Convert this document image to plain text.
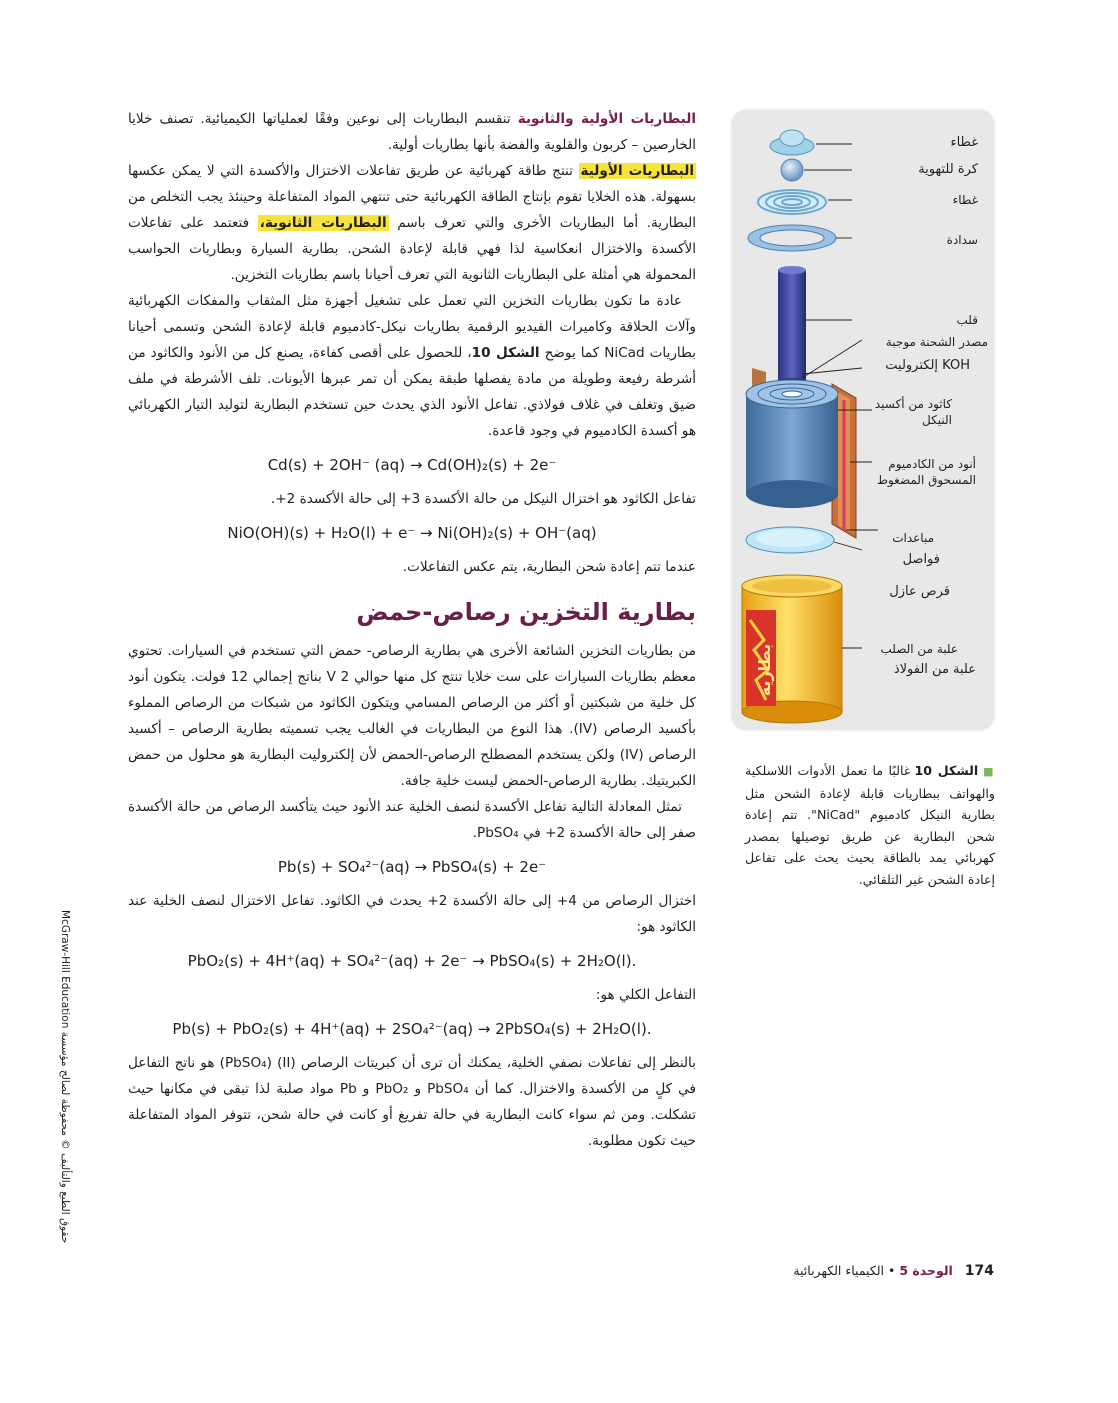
البطاريات الأولية والثانوية تنقسم البطاريات إلى نوعين وفقًا لعملياتها الكيميائية. تصنف خلايا الخارصين – كربون والقلوية والفضة بأنها بطاريات أولية.

البطاريات الأولية تنتج طاقة كهربائية عن طريق تفاعلات الاختزال والأكسدة التي لا يمكن عكسها بسهولة. هذه الخلايا تقوم بإنتاج الطاقة الكهربائية حتى تنتهي المواد المتفاعلة وحينئذ يجب التخلص من البطارية. أما البطاريات الأخرى والتي تعرف باسم البطاريات الثانوية، فتعتمد على تفاعلات الأكسدة والاختزال انعكاسية لذا فهي قابلة لإعادة الشحن. بطارية السيارة وبطاريات الحواسب المحمولة هي أمثلة على البطاريات الثانوية التي تعرف أحيانا باسم بطاريات التخزين.

عادة ما تكون بطاريات التخزين التي تعمل على تشغيل أجهزة مثل المثقاب والمفكات الكهربائية وآلات الحلاقة وكاميرات الفيديو الرقمية بطاريات نيكل-كادميوم قابلة لإعادة الشحن وتسمى أحيانا بطاريات NiCad كما يوضح الشكل 10، للحصول على أقصى كفاءة، يصنع كل من الأنود والكاثود من أشرطة رفيعة وطويلة من مادة يفصلها طبقة يمكن أن تمر عبرها الأيونات. تلف الأشرطة في ملف ضيق وتغلف في غلاف فولاذي. تفاعل الأنود الذي يحدث حين تستخدم البطارية لتوليد التيار الكهربائي هو أكسدة الكادميوم في وجود قاعدة.

Cd(s) + 2OH⁻ (aq) → Cd(OH)₂(s) + 2e⁻

تفاعل الكاثود هو اختزال النيكل من حالة الأكسدة 3+ إلى حالة الأكسدة 2+.

NiO(OH)(s) + H₂O(l) + e⁻ → Ni(OH)₂(s) + OH⁻(aq)

عندما تتم إعادة شحن البطارية، يتم عكس التفاعلات.

بطارية التخزين رصاص-حمض

من بطاريات التخزين الشائعة الأخرى هي بطارية الرصاص- حمض التي تستخدم في السيارات. تحتوي معظم بطاريات السيارات على ست خلايا تنتج كل منها حوالي 2 V بناتج إجمالي 12 فولت. يتكون أنود كل خلية من شبكتين أو أكثر من الرصاص المسامي ويتكون الكاثود من شبكات من الرصاص المملوء بأكسيد الرصاص (IV). هذا النوع من البطاريات في الغالب يجب تسميته بطارية الرصاص – أكسيد الرصاص (IV) ولكن يستخدم المصطلح الرصاص-الحمض لأن إلكتروليت البطارية هو محلول من حمض الكبريتيك. بطارية الرصاص-الحمض ليست خلية جافة.

تمثل المعادلة التالية تفاعل الأكسدة لنصف الخلية عند الأنود حيث يتأكسد الرصاص من حالة الأكسدة صفر إلى حالة الأكسدة 2+ في PbSO₄.

Pb(s) + SO₄²⁻(aq) → PbSO₄(s) + 2e⁻

اختزال الرصاص من 4+ إلى حالة الأكسدة 2+ يحدث في الكاثود. تفاعل الاختزال لنصف الخلية عند الكاثود هو:

PbO₂(s) + 4H⁺(aq) + SO₄²⁻(aq) + 2e⁻ → PbSO₄(s) + 2H₂O(l).

التفاعل الكلي هو:

Pb(s) + PbO₂(s) + 4H⁺(aq) + 2SO₄²⁻(aq) → 2PbSO₄(s) + 2H₂O(l).

بالنظر إلى تفاعلات نصفي الخلية، يمكنك أن ترى أن كبريتات الرصاص (II) (PbSO₄) هو ناتج التفاعل في كلٍ من الأكسدة والاختزال. كما أن PbSO₄ و PbO₂ و Pb مواد صلبة لذا تبقى في مكانها حيث تشكلت. ومن ثم سواء كانت البطارية في حالة تفريغ أو كانت في حالة شحن، تتوفر المواد المتفاعلة حيث تكون مطلوبة.

بطارية
غطاء
كرة للتهوية
غطاء
سدادة
قلب
مصدر الشحنة موجبة
KOH إلكتروليت
كاثود من أكسيد النيكل
أنود من الكادميوم المسحوق المضغوط
مباعدات
فواصل
قرص عازل
علبة من الصلب
علبة من الفولاذ
■ الشكل 10 غالبًا ما تعمل الأدوات اللاسلكية والهواتف ببطاريات قابلة لإعادة الشحن مثل بطارية النيكل كادميوم "NiCad". تتم إعادة شحن البطارية عن طريق توصيلها بمصدر كهربائي يمد بالطاقة بحيث يحث على تفاعل إعادة الشحن غير التلقائي.
حقوق الطبع والتأليف © محفوظة لصالح مؤسسة McGraw-Hill Education
174   الوحدة 5 • الكيمياء الكهربائية
